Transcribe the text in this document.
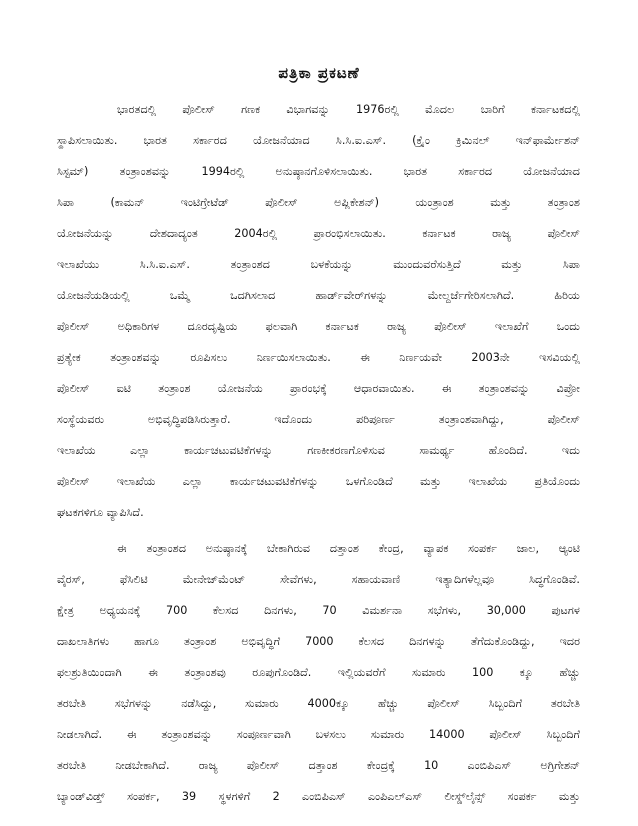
ಪತ್ರಿಕಾ ಪ್ರಕಟಣೆ
ಭಾರತದಲ್ಲಿ ಪೊಲೀಸ್ ಗಣಕ ವಿಭಾಗವನ್ನು 1976ರಲ್ಲಿ ಮೊದಲ ಬಾರಿಗೆ ಕರ್ನಾಟಕದಲ್ಲಿ
ಸ್ಥಾಪಿಸಲಾಯಿತು. ಭಾರತ ಸರ್ಕಾರದ ಯೋಜನೆಯಾದ ಸಿ.ಸಿ.ಐ.ಎಸ್. (ಕ್ರೈಂ ಕ್ರಿಮಿನಲ್ ಇನ್‌ಫಾರ್ಮೇಶನ್
ಸಿಸ್ಟಮ್) ತಂತ್ರಾಂಶವನ್ನು 1994ರಲ್ಲಿ ಅನುಷ್ಠಾನಗೊಳಿಸಲಾಯಿತು. ಭಾರತ ಸರ್ಕಾರದ ಯೋಜನೆಯಾದ
ಸಿಪಾ (ಕಾಮನ್ ಇಂಟಿಗ್ರೇಟೆಡ್ ಪೊಲೀಸ್ ಅಪ್ಲಿಕೇಶನ್) ಯಂತ್ರಾಂಶ ಮತ್ತು ತಂತ್ರಾಂಶ
ಯೋಜನೆಯನ್ನು ದೇಶದಾದ್ಯಂತ 2004ರಲ್ಲಿ ಪ್ರಾರಂಭಿಸಲಾಯಿತು. ಕರ್ನಾಟಕ ರಾಜ್ಯ ಪೊಲೀಸ್
ಇಲಾಖೆಯು ಸಿ.ಸಿ.ಐ.ಎಸ್. ತಂತ್ರಾಂಶದ ಬಳಕೆಯನ್ನು ಮುಂದುವರೆಸುತ್ತಿದೆ ಮತ್ತು ಸಿಪಾ
ಯೋಜನೆಯಡಿಯಲ್ಲಿ ಒಮ್ಮೆ ಒದಗಿಸಲಾದ ಹಾರ್ಡ್‌ವೇರ್‌ಗಳನ್ನು ಮೇಲ್ದರ್ಜೆಗೇರಿಸಲಾಗಿದೆ. ಹಿರಿಯ
ಪೊಲೀಸ್ ಅಧಿಕಾರಿಗಳ ದೂರದೃಷ್ಟಿಯ ಫಲವಾಗಿ ಕರ್ನಾಟಕ ರಾಜ್ಯ ಪೊಲೀಸ್ ಇಲಾಖೆಗೆ ಒಂದು
ಪ್ರತ್ಯೇಕ ತಂತ್ರಾಂಶವನ್ನು ರೂಪಿಸಲು ನಿರ್ಣಯಿಸಲಾಯಿತು. ಈ ನಿರ್ಣಯವೇ 2003ನೇ ಇಸವಿಯಲ್ಲಿ
ಪೊಲೀಸ್ ಐಟಿ ತಂತ್ರಾಂಶ ಯೋಜನೆಯ ಪ್ರಾರಂಭಕ್ಕೆ ಆಧಾರವಾಯಿತು. ಈ ತಂತ್ರಾಂಶವನ್ನು ವಿಪ್ರೋ
ಸಂಸ್ಥೆಯವರು ಅಭಿವೃದ್ಧಿಪಡಿಸಿರುತ್ತಾರೆ. ಇದೊಂದು ಪರಿಪೂರ್ಣ ತಂತ್ರಾಂಶವಾಗಿದ್ದು, ಪೊಲೀಸ್
ಇಲಾಖೆಯ ಎಲ್ಲಾ ಕಾರ್ಯಚಟುವಟಿಕೆಗಳನ್ನು ಗಣಕೀಕರಣಗೊಳಿಸುವ ಸಾಮರ್ಥ್ಯ ಹೊಂದಿದೆ. ಇದು
ಪೊಲೀಸ್ ಇಲಾಖೆಯ ಎಲ್ಲಾ ಕಾರ್ಯಚಟುವಟಿಕೆಗಳನ್ನು ಒಳಗೊಂಡಿದೆ ಮತ್ತು ಇಲಾಖೆಯ ಪ್ರತಿಯೊಂದು
ಘಟಕಗಳಿಗೂ ವ್ಯಾಪಿಸಿದೆ.
ಈ ತಂತ್ರಾಂಶದ ಅನುಷ್ಠಾನಕ್ಕೆ ಬೇಕಾಗಿರುವ ದತ್ತಾಂಶ ಕೇಂದ್ರ, ವ್ಯಾಪಕ ಸಂಪರ್ಕ ಜಾಲ, ಆ್ಯಂಟಿ
ವೈರಸ್, ಫೆಸಿಲಿಟಿ ಮೇನೇಜ್‌ಮೆಂಟ್ ಸೇವೆಗಳು, ಸಹಾಯವಾಣಿ ಇತ್ಯಾದಿಗಳೆಲ್ಲವೂ ಸಿದ್ಧಗೊಂಡಿವೆ.
ಕ್ಷೇತ್ರ ಅಧ್ಯಯನಕ್ಕೆ 700 ಕೆಲಸದ ದಿನಗಳು, 70 ವಿಮರ್ಶನಾ ಸಭೆಗಳು, 30,000 ಪುಟಗಳ
ದಾಖಲಾತಿಗಳು ಹಾಗೂ ತಂತ್ರಾಂಶ ಅಭಿವೃದ್ಧಿಗೆ 7000 ಕೆಲಸದ ದಿನಗಳನ್ನು ತೆಗೆದುಕೊಂಡಿದ್ದು, ಇದರ
ಫಲಶ್ರುತಿಯಿಂದಾಗಿ ಈ ತಂತ್ರಾಂಶವು ರೂಪುಗೊಂಡಿದೆ. ಇಲ್ಲಿಯವರೆಗೆ ಸುಮಾರು 100 ಕ್ಕೂ ಹೆಚ್ಚು
ತರಬೇತಿ ಸಭೆಗಳನ್ನು ನಡೆಸಿದ್ದು, ಸುಮಾರು 4000ಕ್ಕೂ ಹೆಚ್ಚು ಪೊಲೀಸ್ ಸಿಬ್ಬಂದಿಗೆ ತರಬೇತಿ
ನೀಡಲಾಗಿದೆ. ಈ ತಂತ್ರಾಂಶವನ್ನು ಸಂಪೂರ್ಣವಾಗಿ ಬಳಸಲು ಸುಮಾರು 14000 ಪೊಲೀಸ್ ಸಿಬ್ಬಂದಿಗೆ
ತರಬೇತಿ ನೀಡಬೇಕಾಗಿದೆ. ರಾಜ್ಯ ಪೊಲೀಸ್ ದತ್ತಾಂಶ ಕೇಂದ್ರಕ್ಕೆ 10 ಎಂಬಿಪಿಎಸ್ ಅಗ್ರಿಗೇಶನ್
ಬ್ಯಾಂಡ್‌ವಿಡ್ತ್ ಸಂಪರ್ಕ, 39 ಸ್ಥಳಗಳಿಗೆ 2 ಎಂಬಿಪಿಎಸ್ ಎಂಪಿಎಲ್‌ಎಸ್ ಲೀಸ್ಡ್‌ಲೈನ್ಸ್ ಸಂಪರ್ಕ ಮತ್ತು
